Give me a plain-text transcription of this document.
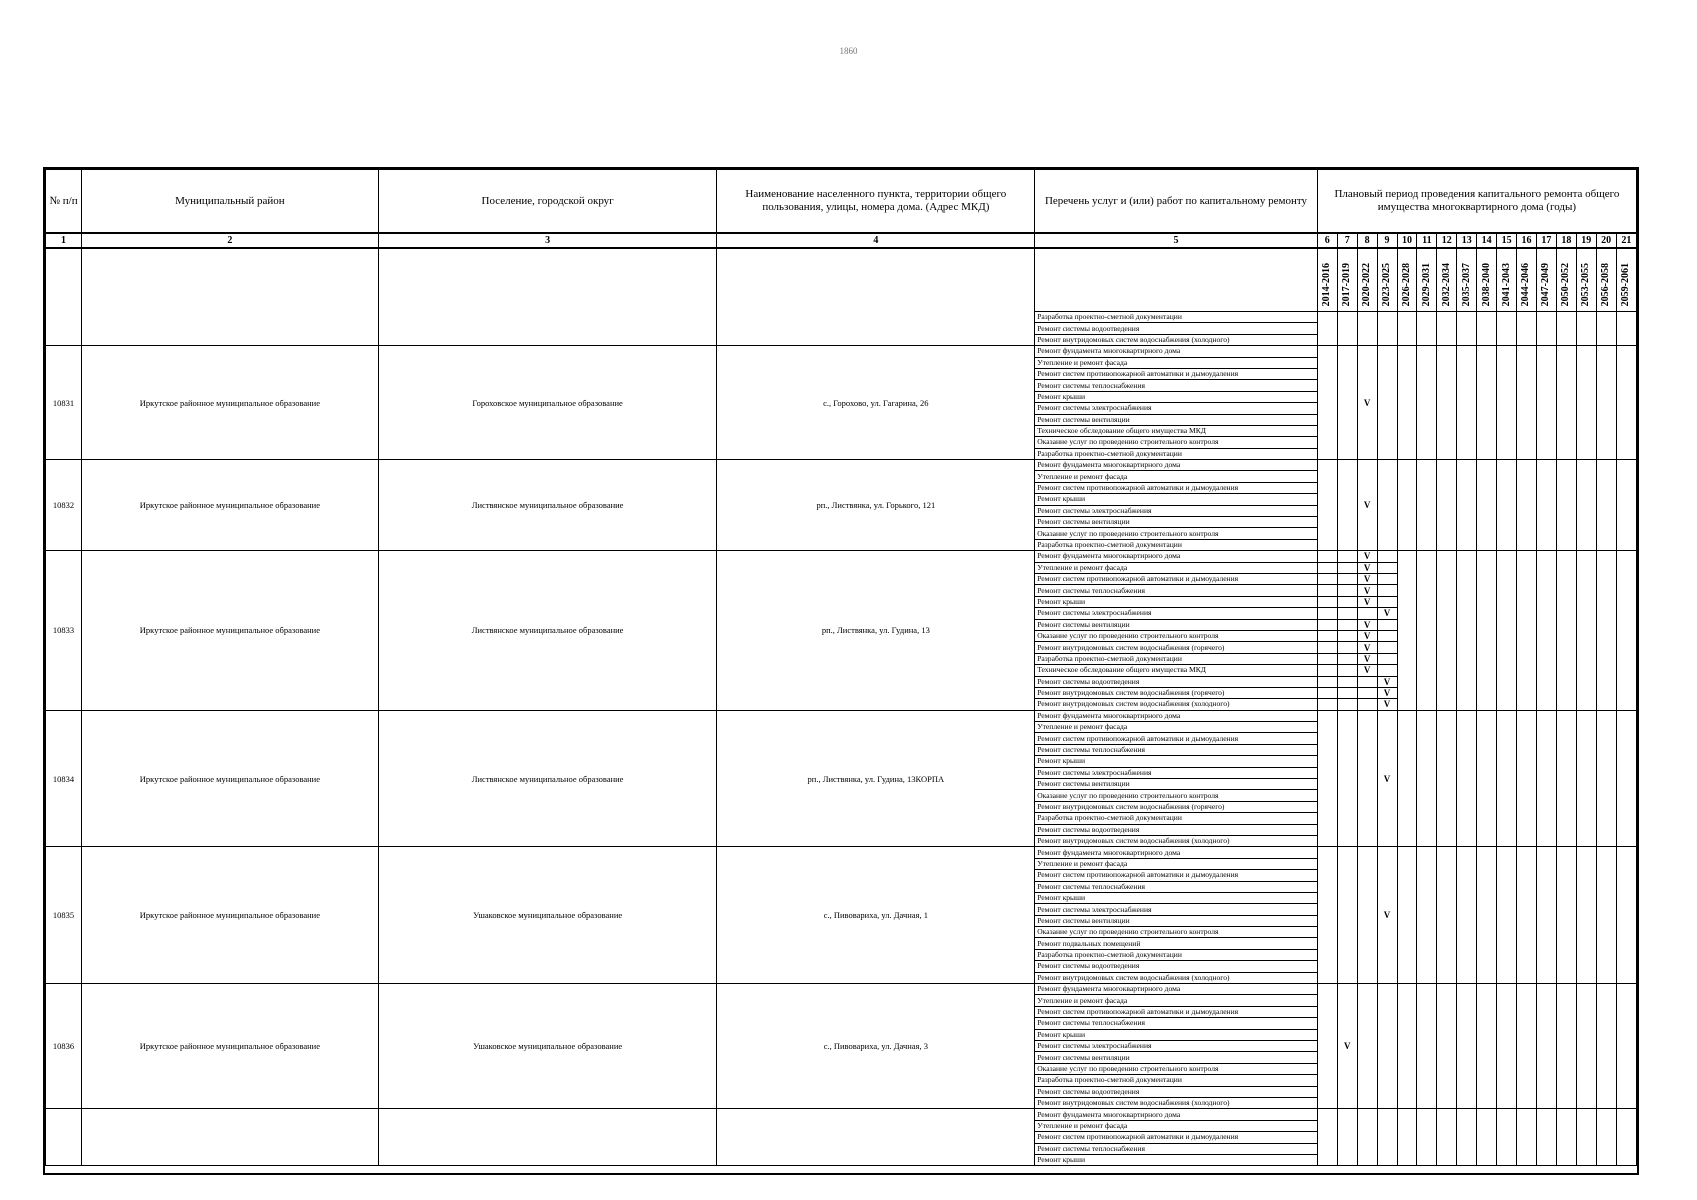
1860
№ п/п	Муниципальный район	Поселение, городской округ	Наименование населенного пункта, территории общего пользования, улицы, номера дома. (Адрес МКД)	Перечень услуг и (или) работ по капитальному ремонту	Плановый период проведения капитального ремонта общего имущества многоквартирного дома (годы)															
1	2	3	4	5	6	7	8	9	10	11	12	13	14	15	16	17	18	19	20	21
					2014-2016	2017-2019	2020-2022	2023-2025	2026-2028	2029-2031	2032-2034	2035-2037	2038-2040	2041-2043	2044-2046	2047-2049	2050-2052	2053-2055	2056-2058	2059-2061
				Разработка проектно-сметной документации																
				Ремонт системы водоотведения																
				Ремонт внутридомовых систем водоснабжения (холодного)																
10831	Иркутское районное муниципальное образование	Гороховское муниципальное образование	с., Горохово, ул. Гагарина, 26	Ремонт фундамента многоквартирного дома			V													
				Утепление и ремонт фасада																
				Ремонт систем противопожарной автоматики и дымоудаления																
				Ремонт системы теплоснабжения																
				Ремонт крыши																
				Ремонт системы электроснабжения																
				Ремонт системы вентиляции																
				Техническое обследование общего имущества МКД																
				Оказание услуг по проведению строительного контроля																
				Разработка проектно-сметной документации																
10832	Иркутское районное муниципальное образование	Листвянское муниципальное образование	рп., Листвянка, ул. Горького, 121	Ремонт фундамента многоквартирного дома			V													
				Утепление и ремонт фасада																
				Ремонт систем противопожарной автоматики и дымоудаления																
				Ремонт крыши																
				Ремонт системы электроснабжения																
				Ремонт системы вентиляции																
				Оказание услуг по проведению строительного контроля																
				Разработка проектно-сметной документации																
10833	Иркутское районное муниципальное образование	Листвянское муниципальное образование	рп., Листвянка, ул. Гудина, 13	Ремонт фундамента многоквартирного дома			V													
				Утепление и ремонт фасада			V													
				Ремонт систем противопожарной автоматики и дымоудаления			V													
				Ремонт системы теплоснабжения			V													
				Ремонт крыши			V													
				Ремонт системы электроснабжения				V												
				Ремонт системы вентиляции			V													
				Оказание услуг по проведению строительного контроля			V													
				Ремонт внутридомовых систем водоснабжения (горячего)			V													
				Разработка проектно-сметной документации			V													
				Техническое обследование общего имущества МКД			V													
				Ремонт системы водоотведения				V												
				Ремонт внутридомовых систем водоснабжения (горячего)				V												
				Ремонт внутридомовых систем водоснабжения (холодного)				V												
10834	Иркутское районное муниципальное образование	Листвянское муниципальное образование	рп., Листвянка, ул. Гудина, 13КОРПА	Ремонт фундамента многоквартирного дома				V												
				Утепление и ремонт фасада																
				Ремонт систем противопожарной автоматики и дымоудаления																
				Ремонт системы теплоснабжения																
				Ремонт крыши																
				Ремонт системы электроснабжения																
				Ремонт системы вентиляции																
				Оказание услуг по проведению строительного контроля																
				Ремонт внутридомовых систем водоснабжения (горячего)																
				Разработка проектно-сметной документации																
				Ремонт системы водоотведения																
				Ремонт внутридомовых систем водоснабжения (холодного)																
10835	Иркутское районное муниципальное образование	Ушаковское муниципальное образование	с., Пивовариха, ул. Дачная, 1	Ремонт фундамента многоквартирного дома				V												
				Утепление и ремонт фасада																
				Ремонт систем противопожарной автоматики и дымоудаления																
				Ремонт системы теплоснабжения																
				Ремонт крыши																
				Ремонт системы электроснабжения																
				Ремонт системы вентиляции																
				Оказание услуг по проведению строительного контроля																
				Ремонт подвальных помещений																
				Разработка проектно-сметной документации																
				Ремонт системы водоотведения																
				Ремонт внутридомовых систем водоснабжения (холодного)																
10836	Иркутское районное муниципальное образование	Ушаковское муниципальное образование	с., Пивовариха, ул. Дачная, 3	Ремонт фундамента многоквартирного дома		V														
				Утепление и ремонт фасада																
				Ремонт систем противопожарной автоматики и дымоудаления																
				Ремонт системы теплоснабжения																
				Ремонт крыши																
				Ремонт системы электроснабжения																
				Ремонт системы вентиляции																
				Оказание услуг по проведению строительного контроля																
				Разработка проектно-сметной документации																
				Ремонт системы водоотведения																
				Ремонт внутридомовых систем водоснабжения (холодного)																
				Ремонт фундамента многоквартирного дома																
				Утепление и ремонт фасада																
				Ремонт систем противопожарной автоматики и дымоудаления																
				Ремонт системы теплоснабжения																
				Ремонт крыши																
